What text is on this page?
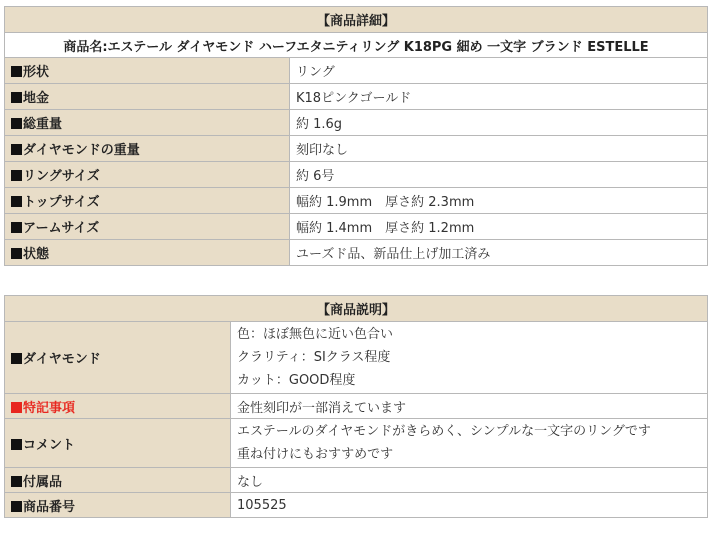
【商品詳細】	
商品名:エステール ダイヤモンド ハーフエタニティリング K18PG 細め 一文字 ブランド ESTELLE	
形状	リング
地金	K18ピンクゴールド
総重量	約 1.6g
ダイヤモンドの重量	刻印なし
リングサイズ	約 6号
トップサイズ	幅約 1.9mm　厚さ約 2.3mm
アームサイズ	幅約 1.4mm　厚さ約 1.2mm
状態	ユーズド品、新品仕上げ加工済み
【商品説明】	
ダイヤモンド	色：ほぼ無色に近い色合い
クラリティ：SIクラス程度
カット：GOOD程度

特記事項	金性刻印が一部消えています
コメント	エステールのダイヤモンドがきらめく、シンプルな一文字のリングです
重ね付けにもおすすめです

付属品	なし
商品番号	105525
